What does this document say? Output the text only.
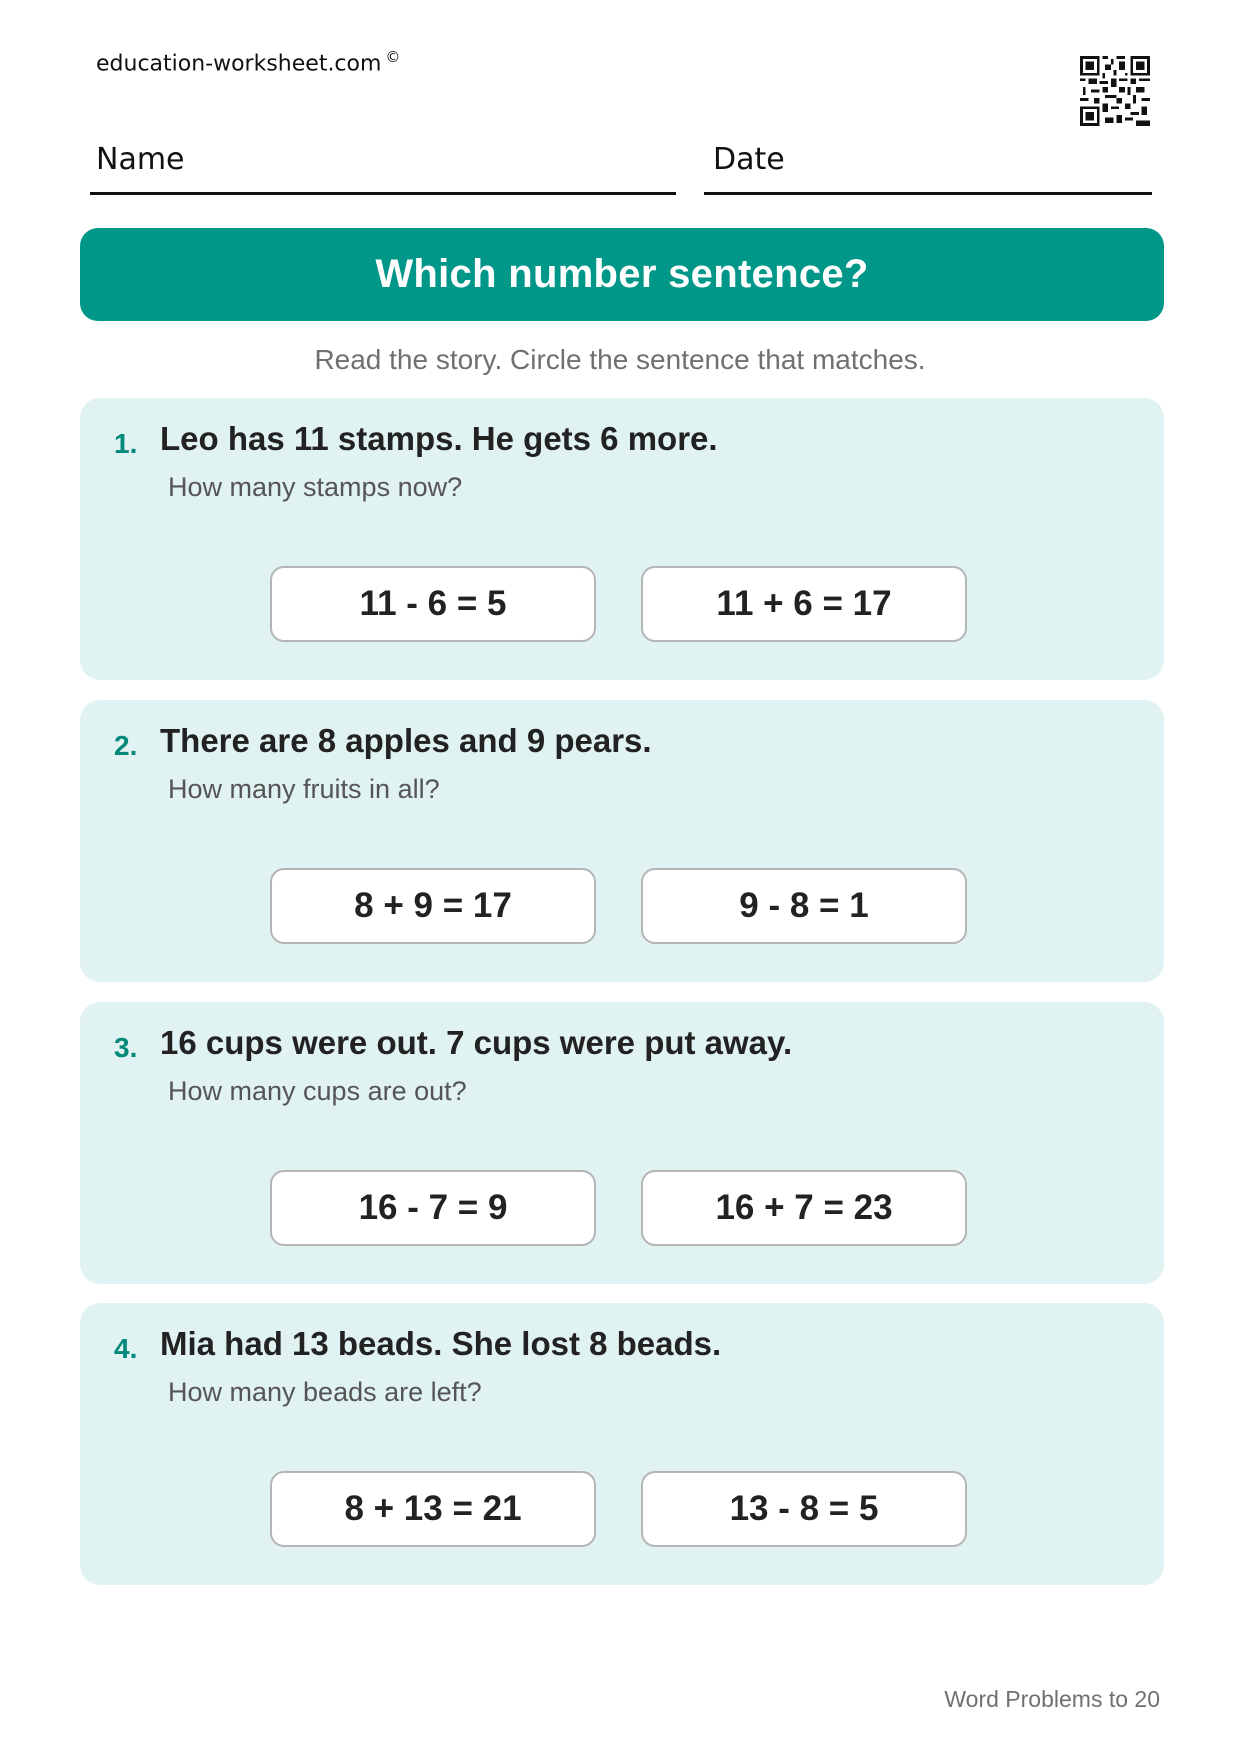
education-worksheet.com ©
Name	Date
Which number sentence?
Read the story. Circle the sentence that matches.
1. Leo has 11 stamps. He gets 6 more.
How many stamps now?
11 - 6 = 5	11 + 6 = 17
2. There are 8 apples and 9 pears.
How many fruits in all?
8 + 9 = 17	9 - 8 = 1
3. 16 cups were out. 7 cups were put away.
How many cups are out?
16 - 7 = 9	16 + 7 = 23
4. Mia had 13 beads. She lost 8 beads.
How many beads are left?
8 + 13 = 21	13 - 8 = 5
Word Problems to 20
